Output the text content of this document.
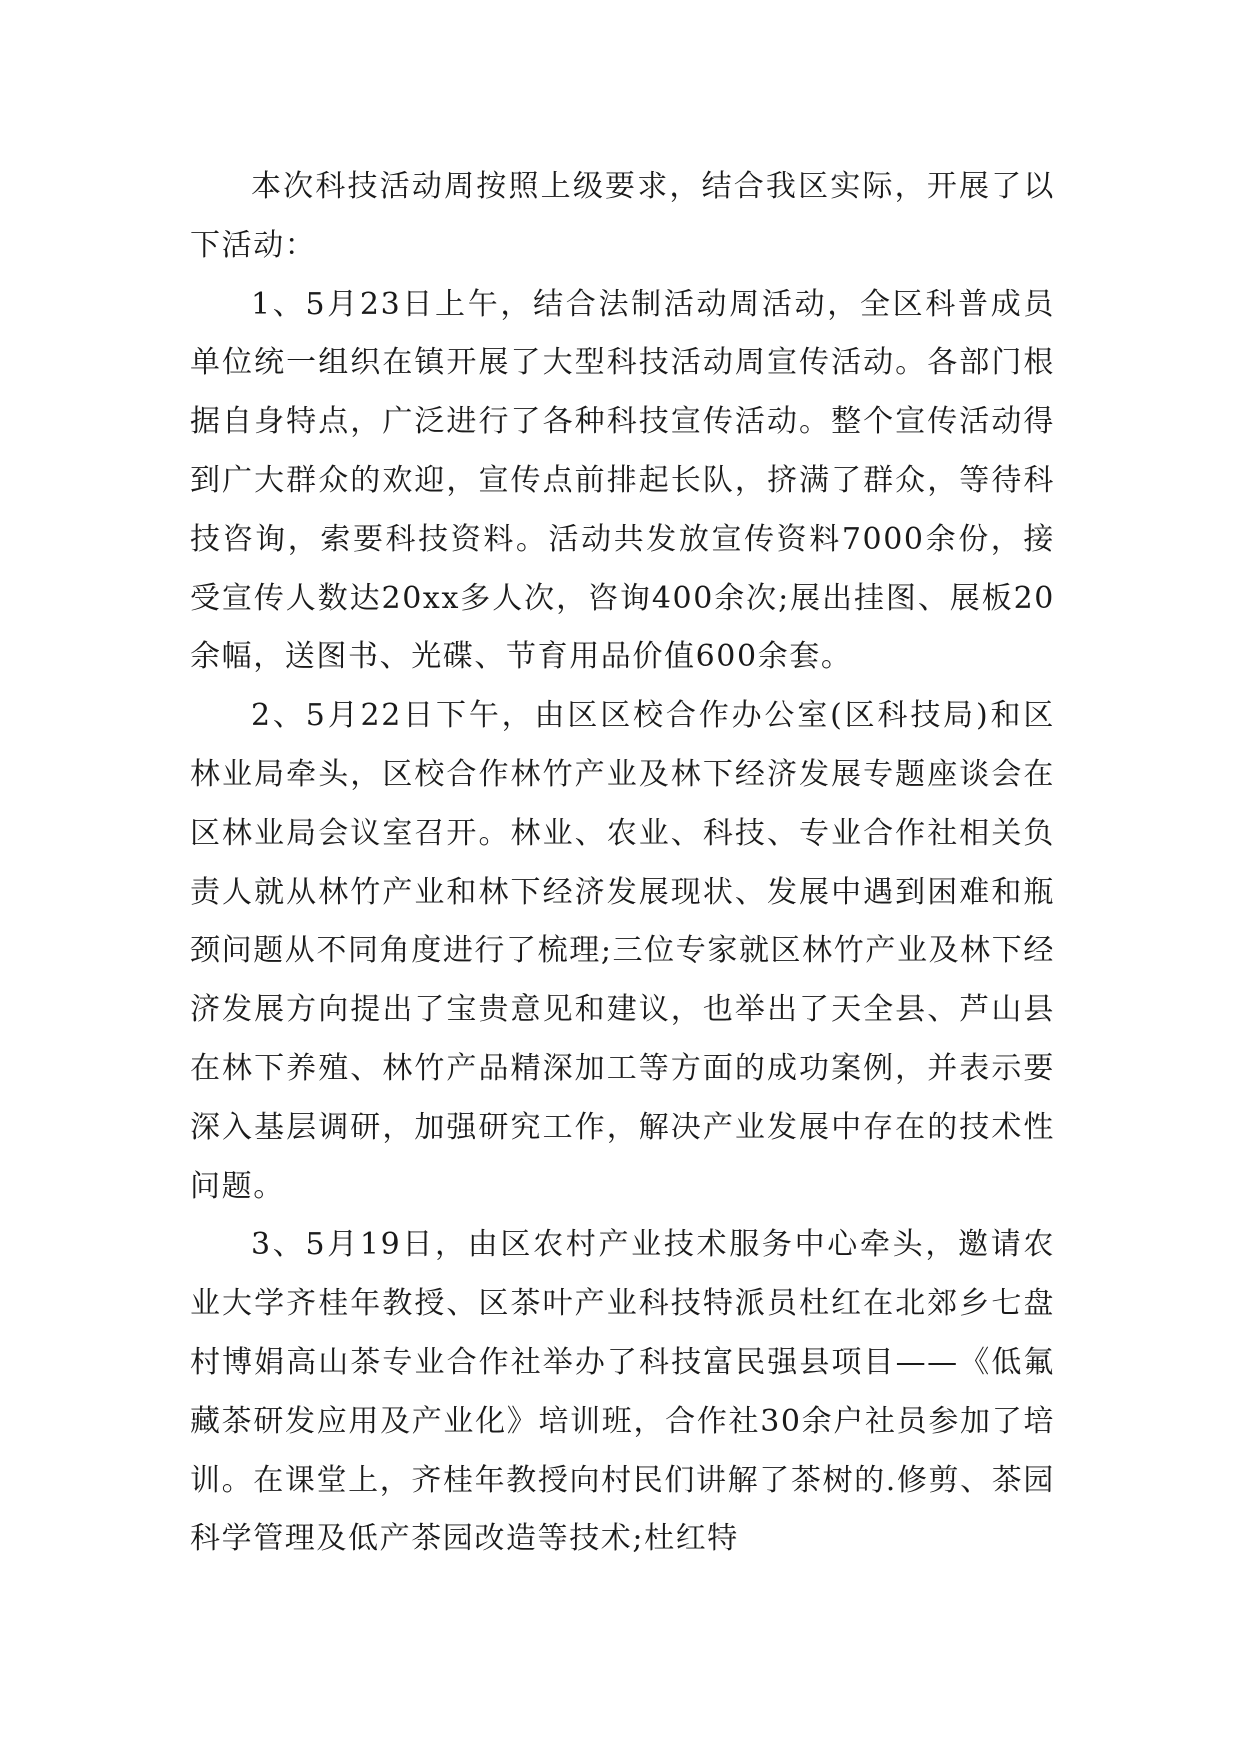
本次科技活动周按照上级要求，结合我区实际，开展了以下活动：

1、5月23日上午，结合法制活动周活动，全区科普成员单位统一组织在镇开展了大型科技活动周宣传活动。各部门根据自身特点，广泛进行了各种科技宣传活动。整个宣传活动得到广大群众的欢迎，宣传点前排起长队，挤满了群众，等待科技咨询，索要科技资料。活动共发放宣传资料7000余份，接受宣传人数达20xx多人次，咨询400余次;展出挂图、展板20余幅，送图书、光碟、节育用品价值600余套。

2、5月22日下午，由区区校合作办公室(区科技局)和区林业局牵头，区校合作林竹产业及林下经济发展专题座谈会在区林业局会议室召开。林业、农业、科技、专业合作社相关负责人就从林竹产业和林下经济发展现状、发展中遇到困难和瓶颈问题从不同角度进行了梳理;三位专家就区林竹产业及林下经济发展方向提出了宝贵意见和建议，也举出了天全县、芦山县在林下养殖、林竹产品精深加工等方面的成功案例，并表示要深入基层调研，加强研究工作，解决产业发展中存在的技术性问题。

3、5月19日，由区农村产业技术服务中心牵头，邀请农业大学齐桂年教授、区茶叶产业科技特派员杜红在北郊乡七盘村博娟高山茶专业合作社举办了科技富民强县项目——《低氟藏茶研发应用及产业化》培训班，合作社30余户社员参加了培训。在课堂上，齐桂年教授向村民们讲解了茶树的.修剪、茶园科学管理及低产茶园改造等技术;杜红特
